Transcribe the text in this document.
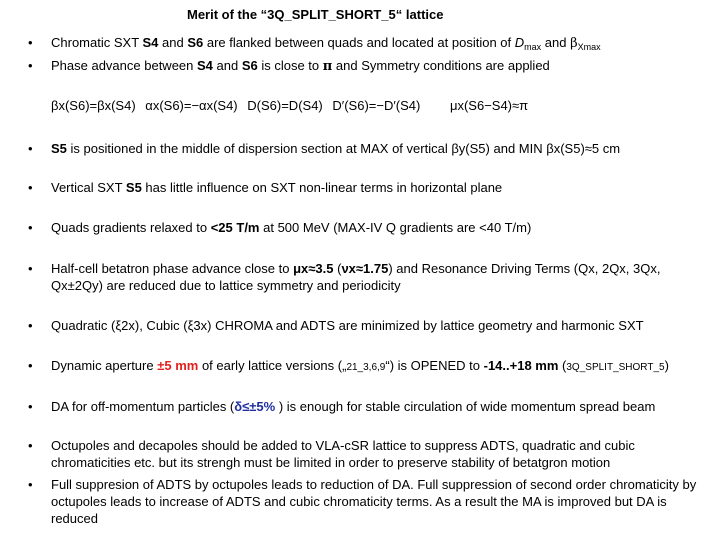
Merit of the “3Q_SPLIT_SHORT_5“ lattice
• Chromatic SXT S4 and S6 are flanked between quads and located at position of $D_{max}$ and $\beta_{Xmax}$
• Phase advance between S4 and S6 is close to π and Symmetry conditions are applied
βx(S6)=βx(S4) αx(S6)=−αx(S4) D(S6)=D(S4) D′(S6)=−D′(S4) μx(S6−S4)≈π
• S5 is positioned in the middle of dispersion section at MAX of vertical βy(S5) and MIN βx(S5)≈5 cm
• Vertical SXT S5 has little influence on SXT non-linear terms in horizontal plane
• Quads gradients relaxed to <25 T/m at 500 MeV (MAX-IV Q gradients are <40 T/m)
• Half-cell betatron phase advance close to μx≈3.5 (νx≈1.75) and Resonance Driving Terms (Qx, 2Qx, 3Qx, Qx±2Qy) are reduced due to lattice symmetry and periodicity
• Quadratic (ξ2x), Cubic (ξ3x) CHROMA and ADTS are minimized by lattice geometry and harmonic SXT
• Dynamic aperture ±5 mm of early lattice versions („21_3,6,9“) is OPENED to -14..+18 mm (3Q_SPLIT_SHORT_5)
• DA for off-momentum particles (δ≤±5% ) is enough for stable circulation of wide momentum spread beam
• Octupoles and decapoles should be added to VLA-cSR lattice to suppress ADTS, quadratic and cubic chromaticities etc. but its strengh must be limited in order to preserve stability of betatgron motion
• Full suppresion of ADTS by octupoles leads to reduction of DA. Full suppression of second order chromaticity by octupoles leads to increase of ADTS and cubic chromaticity terms. As a result the MA is improved but DA is reduced
